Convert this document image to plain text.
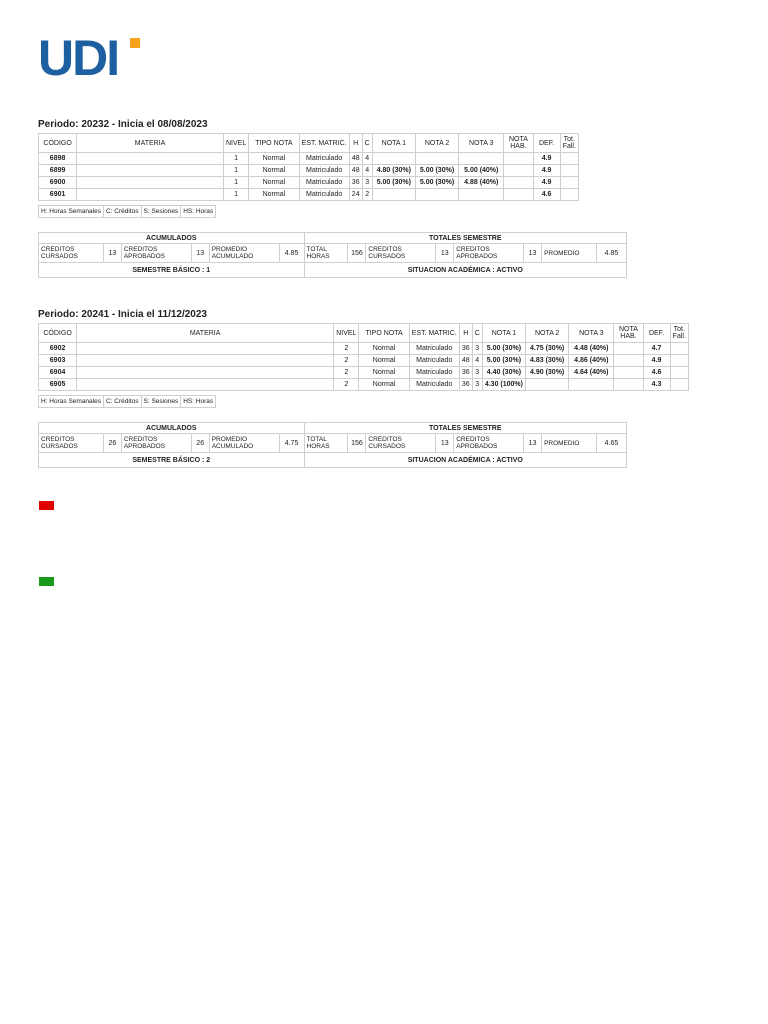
UDI
Periodo: 20232 - Inicia el 08/08/2023
CÓDIGO	MATERIA	NIVEL	TIPO NOTA	EST. MATRIC.	H	C	NOTA 1	NOTA 2	NOTA 3	NOTA HAB.	DEF.	Tot. Fall.
6898		1	Normal	Matriculado	48	4					4.9	
6899		1	Normal	Matriculado	48	4	4.80 (30%)	5.00 (30%)	5.00 (40%)		4.9	
6900		1	Normal	Matriculado	36	3	5.00 (30%)	5.00 (30%)	4.88 (40%)		4.9	
6901		1	Normal	Matriculado	24	2					4.6	
H: Horas Semanales	C: Créditos	S: Sesiones	HS: Horas
ACUMULADOS						TOTALES SEMESTRE							
CREDITOS CURSADOS	13	CREDITOS APROBADOS	13	PROMEDIO ACUMULADO	4.85	TOTAL HORAS	156	CREDITOS CURSADOS	13	CREDITOS APROBADOS	13	PROMEDIO	4.85
SEMESTRE BÁSICO : 1						SITUACION ACADÉMICA : ACTIVO							
Periodo: 20241 - Inicia el 11/12/2023
CÓDIGO	MATERIA	NIVEL	TIPO NOTA	EST. MATRIC.	H	C	NOTA 1	NOTA 2	NOTA 3	NOTA HAB.	DEF.	Tot. Fall.
6902		2	Normal	Matriculado	36	3	5.00 (30%)	4.75 (30%)	4.48 (40%)		4.7	
6903		2	Normal	Matriculado	48	4	5.00 (30%)	4.83 (30%)	4.86 (40%)		4.9	
6904		2	Normal	Matriculado	36	3	4.40 (30%)	4.90 (30%)	4.64 (40%)		4.6	
6905		2	Normal	Matriculado	36	3	4.30 (100%)				4.3	
H: Horas Semanales	C: Créditos	S: Sesiones	HS: Horas
ACUMULADOS						TOTALES SEMESTRE							
CREDITOS CURSADOS	26	CREDITOS APROBADOS	26	PROMEDIO ACUMULADO	4.75	TOTAL HORAS	156	CREDITOS CURSADOS	13	CREDITOS APROBADOS	13	PROMEDIO	4.65
SEMESTRE BÁSICO : 2						SITUACION ACADÉMICA : ACTIVO							
